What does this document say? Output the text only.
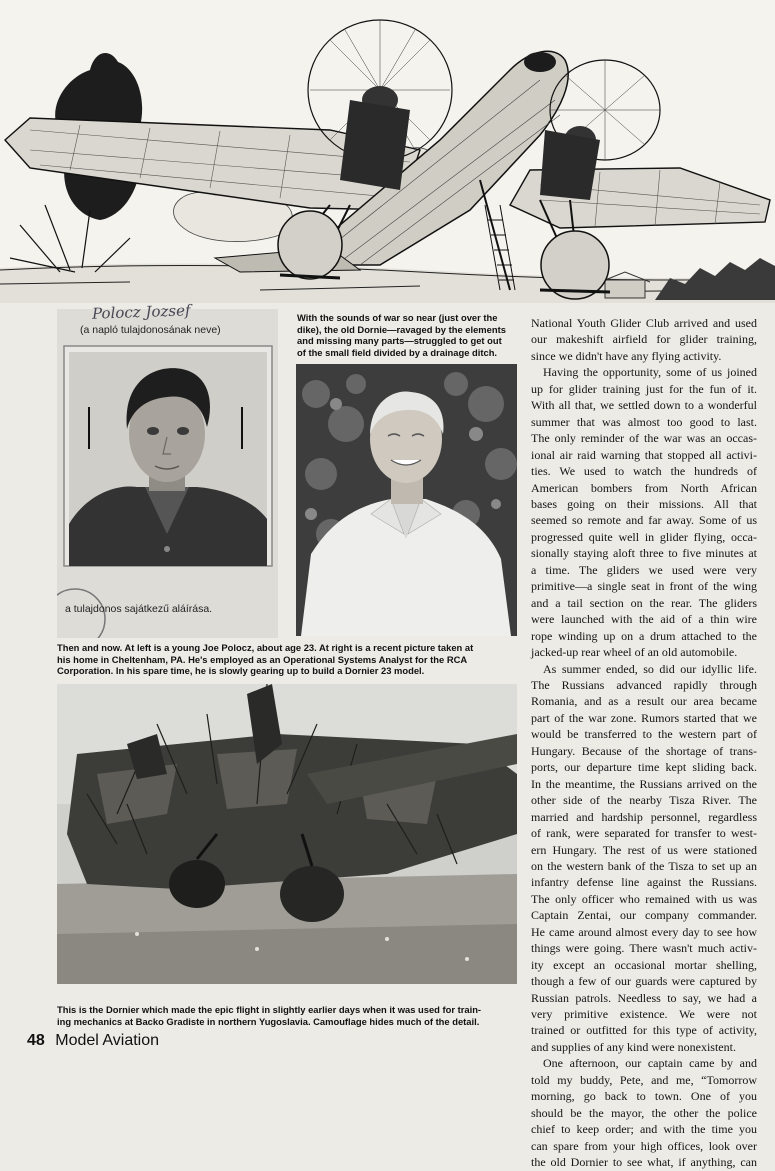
With the sounds of war so near (just over the
dike), the old Dornie—ravaged by the elements
and missing many parts—struggled to get out
of the small field divided by a drainage ditch.
Polocz Jozsef
(a napló tulajdonosának neve)
a tulajdonos sajátkezű aláírása.
Then and now. At left is a young Joe Polocz, about age 23. At right is a recent picture taken at
his home in Cheltenham, PA. He's employed as an Operational Systems Analyst for the RCA
Corporation. In his spare time, he is slowly gearing up to build a Dornier 23 model.
This is the Dornier which made the epic flight in slightly earlier days when it was used for train-
ing mechanics at Backo Gradiste in northern Yugoslavia. Camouflage hides much of the detail.
National Youth Glider Club arrived and used
our makeshift airfield for glider training,
since we didn't have any flying activity.
Having the opportunity, some of us joined
up for glider training just for the fun of it.
With all that, we settled down to a wonderful
summer that was almost too good to last.
The only reminder of the war was an occas-
ional air raid warning that stopped all activi-
ties. We used to watch the hundreds of
American bombers from North African
bases going on their missions. All that
seemed so remote and far away. Some of us
progressed quite well in glider flying, occa-
sionally staying aloft three to five minutes at
a time. The gliders we used were very
primitive—a single seat in front of the wing
and a tail section on the rear. The gliders
were launched with the aid of a thin wire
rope winding up on a drum attached to the
jacked-up rear wheel of an old automobile.
As summer ended, so did our idyllic life.
The Russians advanced rapidly through
Romania, and as a result our area became
part of the war zone. Rumors started that we
would be transferred to the western part of
Hungary. Because of the shortage of trans-
ports, our departure time kept sliding back.
In the meantime, the Russians arrived on the
other side of the nearby Tisza River. The
married and hardship personnel, regardless
of rank, were separated for transfer to west-
ern Hungary. The rest of us were stationed
on the western bank of the Tisza to set up an
infantry defense line against the Russians.
The only officer who remained with us was
Captain Zentai, our company commander.
He came around almost every day to see how
things were going. There wasn't much activ-
ity except an occasional mortar shelling,
though a few of our guards were captured by
Russian patrols. Needless to say, we had a
very primitive existence. We were not
trained or outfitted for this type of activity,
and supplies of any kind were nonexistent.
One afternoon, our captain came by and
told my buddy, Pete, and me, “Tomorrow
morning, go back to town. One of you
should be the mayor, the other the police
chief to keep order; and with the time you
can spare from your high offices, look over
the old Dornier to see what, if anything, can
48 Model Aviation
